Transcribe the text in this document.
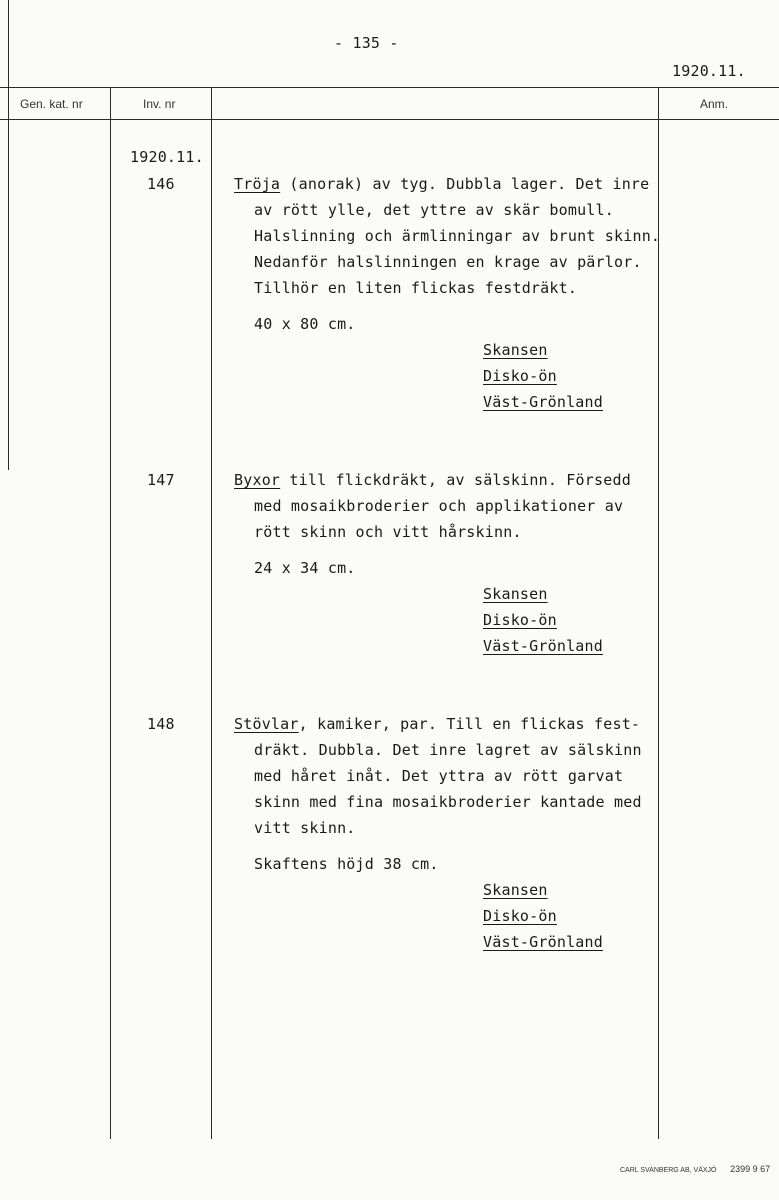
- 135 -
1920.11.
Gen. kat. nr	Inv. nr	Anm.
1920.11.
146	Tröja (anorak) av tyg. Dubbla lager. Det inre
av rött ylle, det yttre av skär bomull.
Halslinning och ärmlinningar av brunt skinn.
Nedanför halslinningen en krage av pärlor.
Tillhör en liten flickas festdräkt.
40 x 80 cm.
Skansen
Disko-ön
Väst-Grönland
147	Byxor till flickdräkt, av sälskinn. Försedd
med mosaikbroderier och applikationer av
rött skinn och vitt hårskinn.
24 x 34 cm.
Skansen
Disko-ön
Väst-Grönland
148	Stövlar, kamiker, par. Till en flickas fest-
dräkt. Dubbla. Det inre lagret av sälskinn
med håret inåt. Det yttra av rött garvat
skinn med fina mosaikbroderier kantade med
vitt skinn.
Skaftens höjd 38 cm.
Skansen
Disko-ön
Väst-Grönland
CARL SVANBERG AB, VÄXJÖ 2399 9 67
